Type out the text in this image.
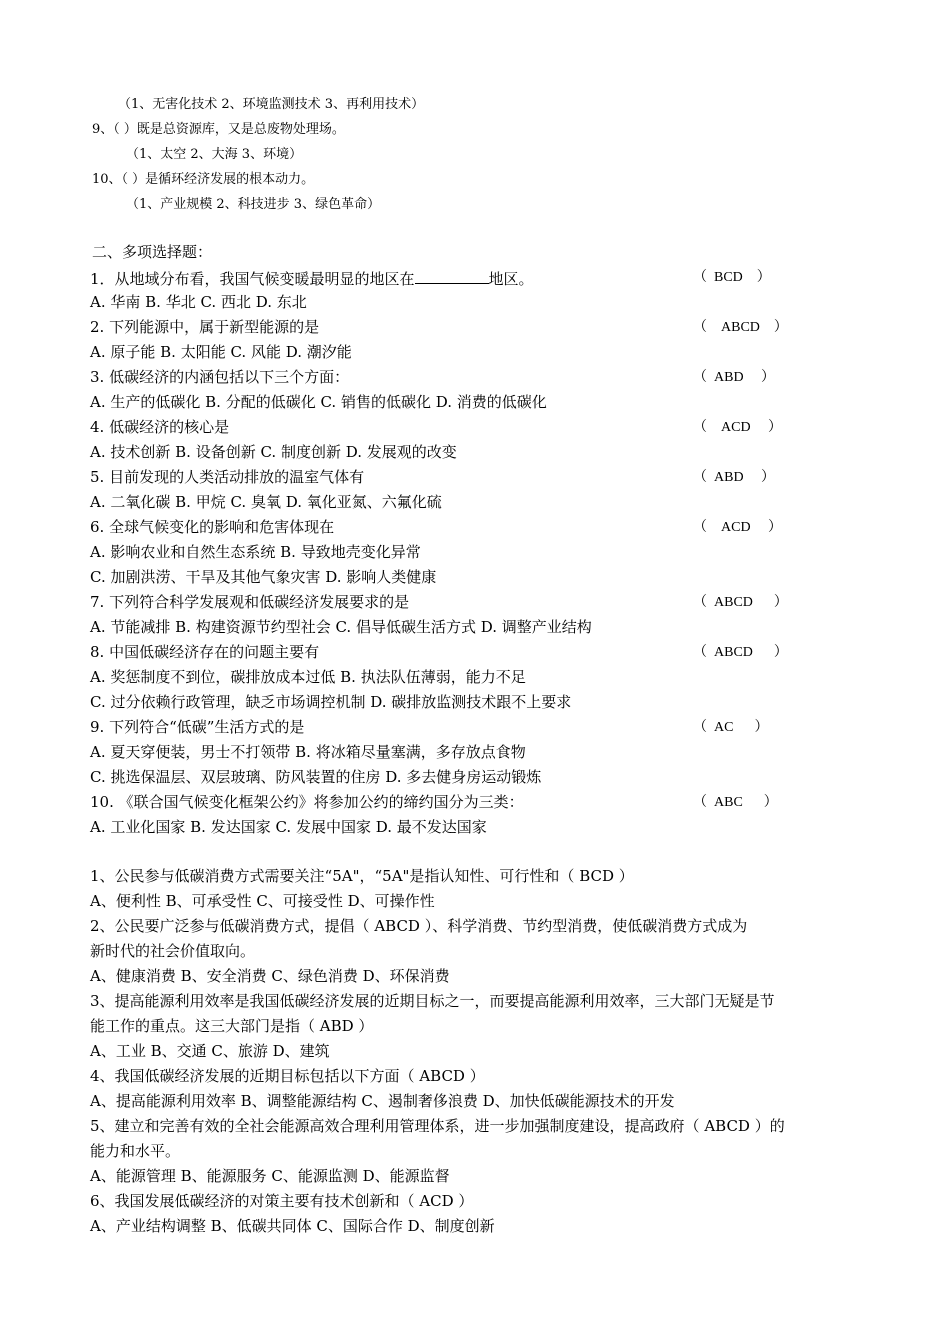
（1、无害化技术 2、环境监测技术 3、再利用技术）
9、（ ）既是总资源库，又是总废物处理场。
（1、太空 2、大海 3、环境）
10、（ ）是循环经济发展的根本动力。
（1、产业规模 2、科技进步 3、绿色革命）
二、多项选择题：
1．从地域分布看，我国气候变暖最明显的地区在	地区。	（  BCD    ）
A. 华南 B. 华北 C. 西北 D. 东北
2. 下列能源中，属于新型能源的是	（    ABCD    ）
A. 原子能 B. 太阳能 C. 风能 D. 潮汐能
3. 低碳经济的内涵包括以下三个方面：	（  ABD     ）
A. 生产的低碳化 B. 分配的低碳化 C. 销售的低碳化 D. 消费的低碳化
4. 低碳经济的核心是	（    ACD     ）
A. 技术创新 B. 设备创新 C. 制度创新 D. 发展观的改变
5. 目前发现的人类活动排放的温室气体有	（  ABD     ）
A. 二氧化碳 B. 甲烷 C. 臭氧 D. 氧化亚氮、六氟化硫
6. 全球气候变化的影响和危害体现在	（    ACD     ）
A. 影响农业和自然生态系统 B. 导致地壳变化异常
C. 加剧洪涝、干旱及其他气象灾害 D. 影响人类健康
7. 下列符合科学发展观和低碳经济发展要求的是	（  ABCD      ）
A. 节能减排 B. 构建资源节约型社会 C. 倡导低碳生活方式 D. 调整产业结构
8. 中国低碳经济存在的问题主要有	（  ABCD      ）
A. 奖惩制度不到位，碳排放成本过低 B. 执法队伍薄弱，能力不足
C. 过分依赖行政管理，缺乏市场调控机制 D. 碳排放监测技术跟不上要求
9. 下列符合“低碳”生活方式的是	（  AC      ）
A. 夏天穿便装，男士不打领带 B. 将冰箱尽量塞满，多存放点食物
C. 挑选保温层、双层玻璃、防风装置的住房 D. 多去健身房运动锻炼
10. 《联合国气候变化框架公约》将参加公约的缔约国分为三类：	（  ABC      ）
A. 工业化国家 B. 发达国家 C. 发展中国家 D. 最不发达国家
1、公民参与低碳消费方式需要关注“5A"，“5A"是指认知性、可行性和（ BCD ）
A、便利性 B、可承受性 C、可接受性 D、可操作性
2、公民要广泛参与低碳消费方式，提倡（ ABCD ）、科学消费、节约型消费，使低碳消费方式成为
新时代的社会价值取向。
A、健康消费 B、安全消费 C、绿色消费 D、环保消费
3、提高能源利用效率是我国低碳经济发展的近期目标之一，而要提高能源利用效率，三大部门无疑是节
能工作的重点。这三大部门是指（ ABD ）
A、工业 B、交通 C、旅游 D、建筑
4、我国低碳经济发展的近期目标包括以下方面（ ABCD ）
A、提高能源利用效率 B、调整能源结构 C、遏制奢侈浪费 D、加快低碳能源技术的开发
5、建立和完善有效的全社会能源高效合理利用管理体系，进一步加强制度建设，提高政府（ ABCD ）的
能力和水平。
A、能源管理 B、能源服务 C、能源监测 D、能源监督
6、我国发展低碳经济的对策主要有技术创新和（ ACD ）
A、产业结构调整 B、低碳共同体 C、国际合作 D、制度创新
